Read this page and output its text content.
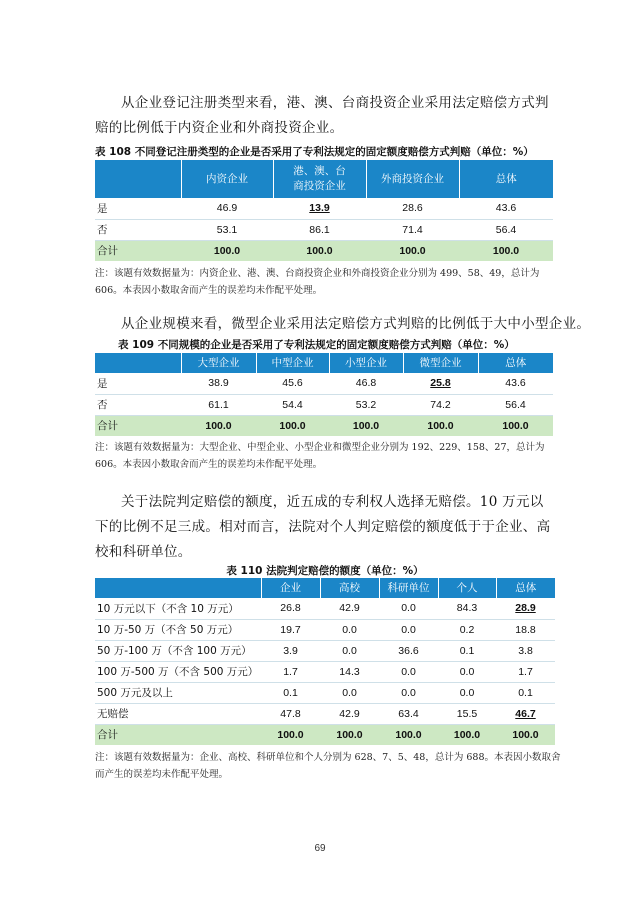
从企业登记注册类型来看，港、澳、台商投资企业采用法定赔偿方式判赔的比例低于内资企业和外商投资企业。

表 108 不同登记注册类型的企业是否采用了专利法规定的固定额度赔偿方式判赔（单位：%）
	内资企业	港、澳、台商投资企业	外商投资企业	总体
是	46.9	13.9	28.6	43.6
否	53.1	86.1	71.4	56.4
合计	100.0	100.0	100.0	100.0

注：该题有效数据量为：内资企业、港、澳、台商投资企业和外商投资企业分别为 499、58、49，总计为 606。本表因小数取舍而产生的误差均未作配平处理。

从企业规模来看，微型企业采用法定赔偿方式判赔的比例低于大中小型企业。

表 109 不同规模的企业是否采用了专利法规定的固定额度赔偿方式判赔（单位：%）
	大型企业	中型企业	小型企业	微型企业	总体
是	38.9	45.6	46.8	25.8	43.6
否	61.1	54.4	53.2	74.2	56.4
合计	100.0	100.0	100.0	100.0	100.0

注：该题有效数据量为：大型企业、中型企业、小型企业和微型企业分别为 192、229、158、27，总计为 606。本表因小数取舍而产生的误差均未作配平处理。

关于法院判定赔偿的额度，近五成的专利权人选择无赔偿。10 万元以下的比例不足三成。相对而言，法院对个人判定赔偿的额度低于于企业、高校和科研单位。

表 110 法院判定赔偿的额度（单位：%）
	企业	高校	科研单位	个人	总体
10 万元以下（不含 10 万元）	26.8	42.9	0.0	84.3	28.9
10 万-50 万（不含 50 万元）	19.7	0.0	0.0	0.2	18.8
50 万-100 万（不含 100 万元）	3.9	0.0	36.6	0.1	3.8
100 万-500 万（不含 500 万元）	1.7	14.3	0.0	0.0	1.7
500 万元及以上	0.1	0.0	0.0	0.0	0.1
无赔偿	47.8	42.9	63.4	15.5	46.7
合计	100.0	100.0	100.0	100.0	100.0

注：该题有效数据量为：企业、高校、科研单位和个人分别为 628、7、5、48，总计为 688。本表因小数取舍而产生的误差均未作配平处理。

69
